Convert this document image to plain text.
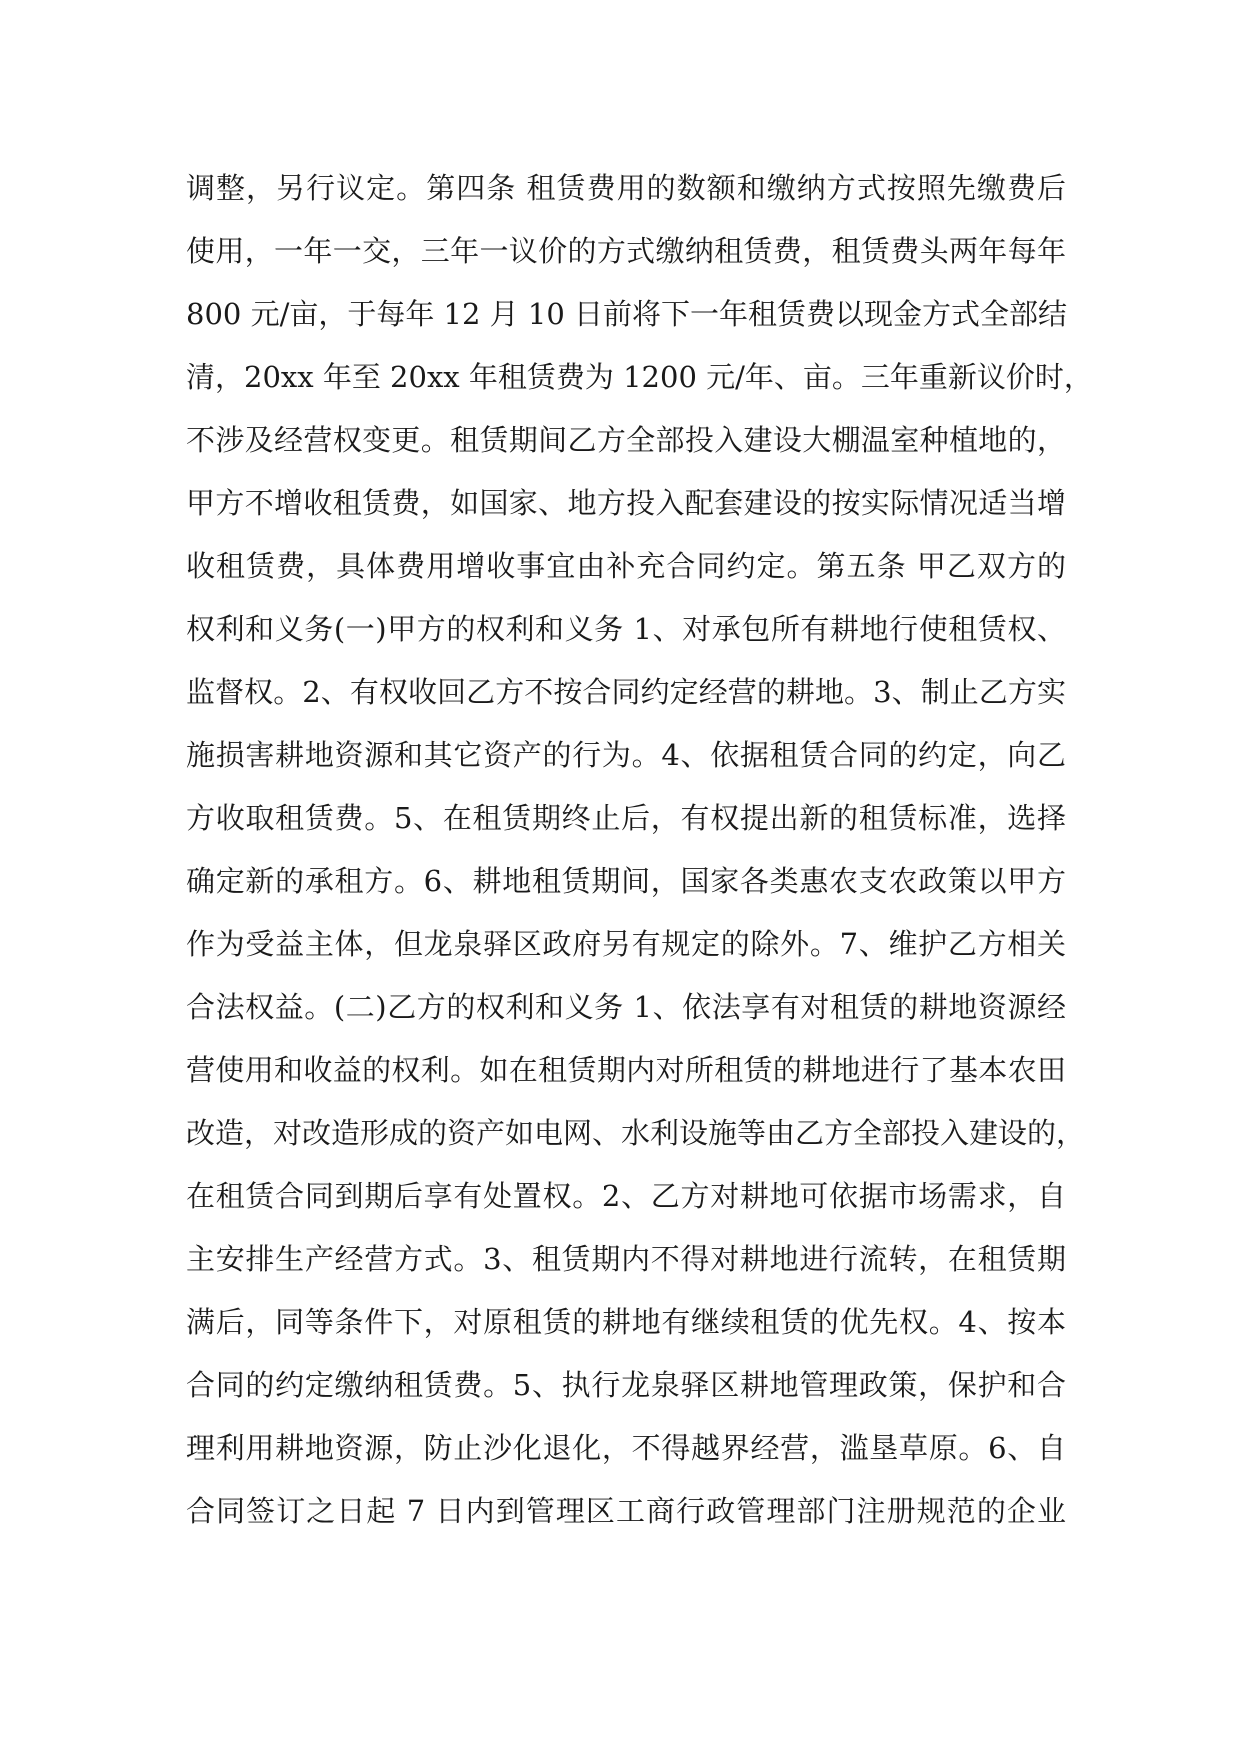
调整，另行议定。第四条 租赁费用的数额和缴纳方式按照先缴费后
使用，一年一交，三年一议价的方式缴纳租赁费，租赁费头两年每年
800 元/亩，于每年 12 月 10 日前将下一年租赁费以现金方式全部结
清，20xx 年至 20xx 年租赁费为 1200 元/年、亩。三年重新议价时，
不涉及经营权变更。租赁期间乙方全部投入建设大棚温室种植地的，
甲方不增收租赁费，如国家、地方投入配套建设的按实际情况适当增
收租赁费，具体费用增收事宜由补充合同约定。第五条 甲乙双方的
权利和义务(一)甲方的权利和义务 1、对承包所有耕地行使租赁权、
监督权。2、有权收回乙方不按合同约定经营的耕地。3、制止乙方实
施损害耕地资源和其它资产的行为。4、依据租赁合同的约定，向乙
方收取租赁费。5、在租赁期终止后，有权提出新的租赁标准，选择
确定新的承租方。6、耕地租赁期间，国家各类惠农支农政策以甲方
作为受益主体，但龙泉驿区政府另有规定的除外。7、维护乙方相关
合法权益。(二)乙方的权利和义务 1、依法享有对租赁的耕地资源经
营使用和收益的权利。如在租赁期内对所租赁的耕地进行了基本农田
改造，对改造形成的资产如电网、水利设施等由乙方全部投入建设的，
在租赁合同到期后享有处置权。2、乙方对耕地可依据市场需求，自
主安排生产经营方式。3、租赁期内不得对耕地进行流转，在租赁期
满后，同等条件下，对原租赁的耕地有继续租赁的优先权。4、按本
合同的约定缴纳租赁费。5、执行龙泉驿区耕地管理政策，保护和合
理利用耕地资源，防止沙化退化，不得越界经营，滥垦草原。6、自
合同签订之日起 7 日内到管理区工商行政管理部门注册规范的企业
